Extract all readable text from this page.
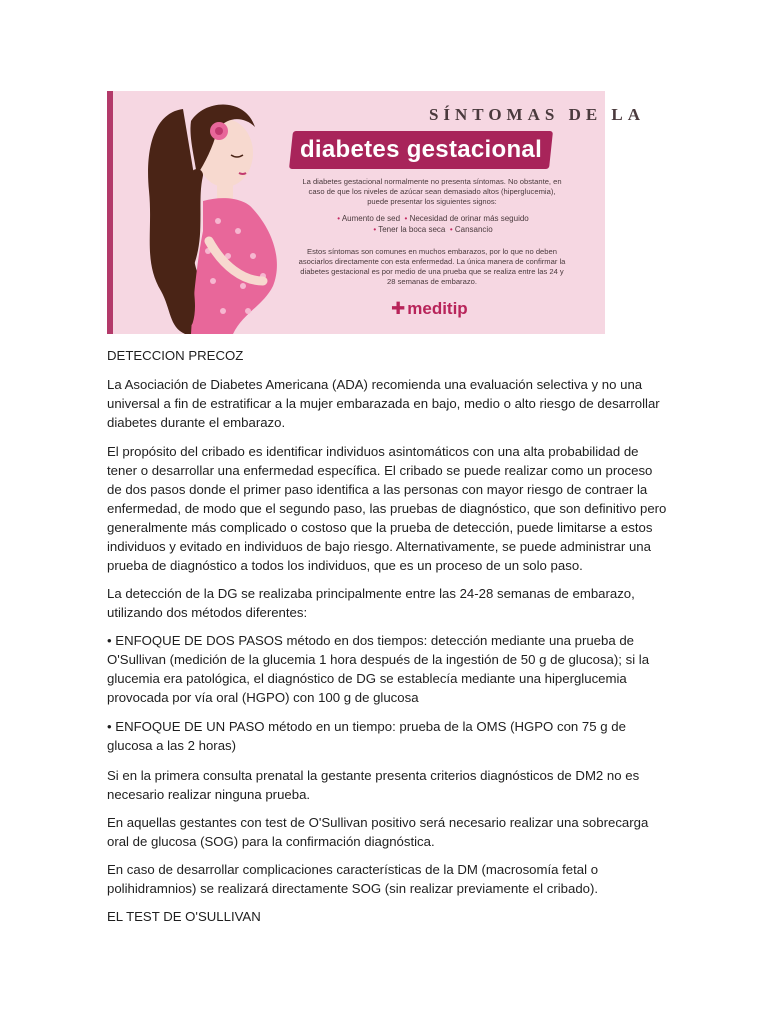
SÍNTOMAS DE LA
diabetes gestacional
La diabetes gestacional normalmente no presenta síntomas. No obstante, en caso de que los niveles de azúcar sean demasiado altos (hiperglucemia), puede presentar los siguientes signos:
• Aumento de sed • Necesidad de orinar más seguido
• Tener la boca seca • Cansancio
Estos síntomas son comunes en muchos embarazos, por lo que no deben asociarlos directamente con esta enfermedad. La única manera de confirmar la diabetes gestacional es por medio de una prueba que se realiza entre las 24 y 28 semanas de embarazo.
✚ meditip
DETECCION PRECOZ
La Asociación de Diabetes Americana (ADA) recomienda una evaluación selectiva y no una universal a fin de estratificar a la mujer embarazada en bajo, medio o alto riesgo de desarrollar diabetes durante el embarazo.
El propósito del cribado es identificar individuos asintomáticos con una alta probabilidad de tener o desarrollar una enfermedad específica. El cribado se puede realizar como un proceso de dos pasos donde el primer paso identifica a las personas con mayor riesgo de contraer la enfermedad, de modo que el segundo paso, las pruebas de diagnóstico, que son definitivo pero generalmente más complicado o costoso que la prueba de detección, puede limitarse a estos individuos y evitado en individuos de bajo riesgo. Alternativamente, se puede administrar una prueba de diagnóstico a todos los individuos, que es un proceso de un solo paso.
La detección de la DG se realizaba principalmente entre las 24-28 semanas de embarazo, utilizando dos métodos diferentes:
• ENFOQUE DE DOS PASOS método en dos tiempos: detección mediante una prueba de O'Sullivan (medición de la glucemia 1 hora después de la ingestión de 50 g de glucosa); si la glucemia era patológica, el diagnóstico de DG se establecía mediante una hiperglucemia provocada por vía oral (HGPO) con 100 g de glucosa
• ENFOQUE DE UN PASO método en un tiempo: prueba de la OMS (HGPO con 75 g de glucosa a las 2 horas)
Si en la primera consulta prenatal la gestante presenta criterios diagnósticos de DM2 no es necesario realizar ninguna prueba.
En aquellas gestantes con test de O'Sullivan positivo será necesario realizar una sobrecarga oral de glucosa (SOG) para la confirmación diagnóstica.
En caso de desarrollar complicaciones características de la DM (macrosomía fetal o polihidramnios) se realizará directamente SOG (sin realizar previamente el cribado).
EL TEST DE O'SULLIVAN
